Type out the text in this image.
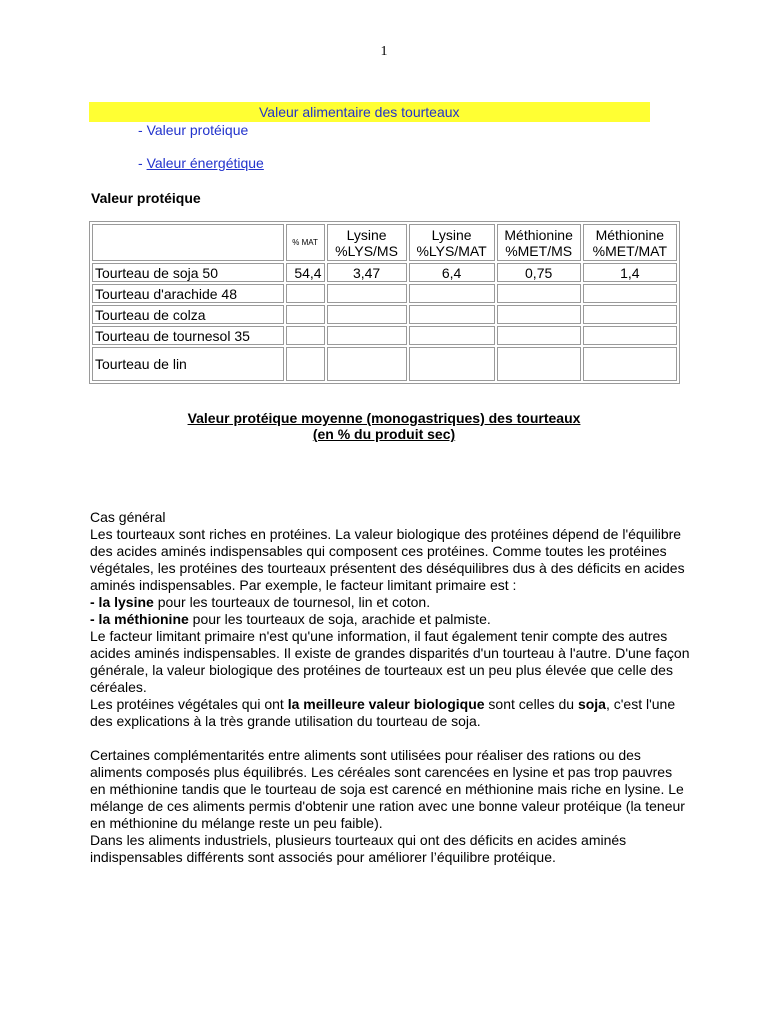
1
Valeur alimentaire des tourteaux
- Valeur protéique
- Valeur énergétique
Valeur protéique
	% MAT	Lysine %LYS/MS	Lysine %LYS/MAT	Méthionine %MET/MS	Méthionine %MET/MAT
Tourteau de soja 50	54,4	3,47	6,4	0,75	1,4
Tourteau d'arachide 48					
Tourteau de colza					
Tourteau de tournesol 35					
Tourteau de lin					
Valeur protéique moyenne (monogastriques) des tourteaux
(en % du produit sec)

Cas général

Les tourteaux sont riches en protéines. La valeur biologique des protéines dépend de l'équilibre des acides aminés indispensables qui composent ces protéines. Comme toutes les protéines végétales, les protéines des tourteaux présentent des déséquilibres dus à des déficits en acides aminés indispensables. Par exemple, le facteur limitant primaire est :

- la lysine pour les tourteaux de tournesol, lin et coton.

- la méthionine pour les tourteaux de soja, arachide et palmiste.

Le facteur limitant primaire n'est qu'une information, il faut également tenir compte des autres acides aminés indispensables. Il existe de grandes disparités d'un tourteau à l'autre. D'une façon générale, la valeur biologique des protéines de tourteaux est un peu plus élevée que celle des céréales.

Les protéines végétales qui ont la meilleure valeur biologique sont celles du soja, c'est l'une des explications à la très grande utilisation du tourteau de soja.

Certaines complémentarités entre aliments sont utilisées pour réaliser des rations ou des aliments composés plus équilibrés. Les céréales sont carencées en lysine et pas trop pauvres en méthionine tandis que le tourteau de soja est carencé en méthionine mais riche en lysine. Le mélange de ces aliments permis d'obtenir une ration avec une bonne valeur protéique (la teneur en méthionine du mélange reste un peu faible).

Dans les aliments industriels, plusieurs tourteaux qui ont des déficits en acides aminés indispensables différents sont associés pour améliorer l’équilibre protéique.
